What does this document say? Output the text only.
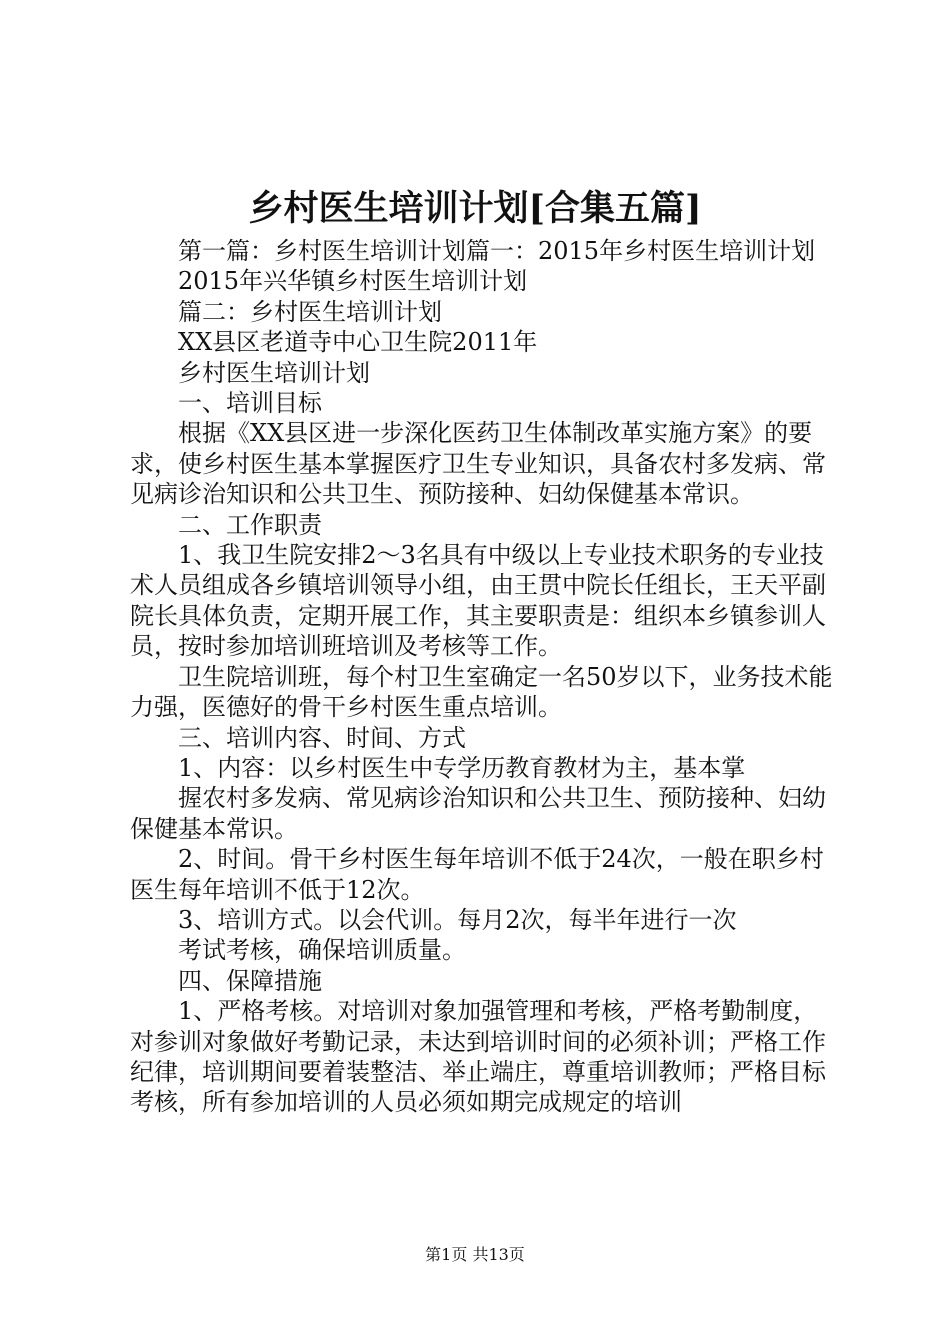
乡村医生培训计划[合集五篇]

第一篇：乡村医生培训计划篇一：2015年乡村医生培训计划

2015年兴华镇乡村医生培训计划

篇二：乡村医生培训计划

XX县区老道寺中心卫生院2011年

乡村医生培训计划

一、培训目标

根据《XX县区进一步深化医药卫生体制改革实施方案》的要求，使乡村医生基本掌握医疗卫生专业知识，具备农村多发病、常见病诊治知识和公共卫生、预防接种、妇幼保健基本常识。

二、工作职责

1、我卫生院安排2～3名具有中级以上专业技术职务的专业技术人员组成各乡镇培训领导小组，由王贯中院长任组长，王天平副院长具体负责，定期开展工作，其主要职责是：组织本乡镇参训人员，按时参加培训班培训及考核等工作。

卫生院培训班，每个村卫生室确定一名50岁以下，业务技术能力强，医德好的骨干乡村医生重点培训。

三、培训内容、时间、方式

1、内容：以乡村医生中专学历教育教材为主，基本掌

握农村多发病、常见病诊治知识和公共卫生、预防接种、妇幼保健基本常识。

2、时间。骨干乡村医生每年培训不低于24次，一般在职乡村医生每年培训不低于12次。

3、培训方式。以会代训。每月2次，每半年进行一次

考试考核，确保培训质量。

四、保障措施

1、严格考核。对培训对象加强管理和考核，严格考勤制度，对参训对象做好考勤记录，未达到培训时间的必须补训；严格工作纪律，培训期间要着装整洁、举止端庄，尊重培训教师；严格目标考核，所有参加培训的人员必须如期完成规定的培训

第1页 共13页
